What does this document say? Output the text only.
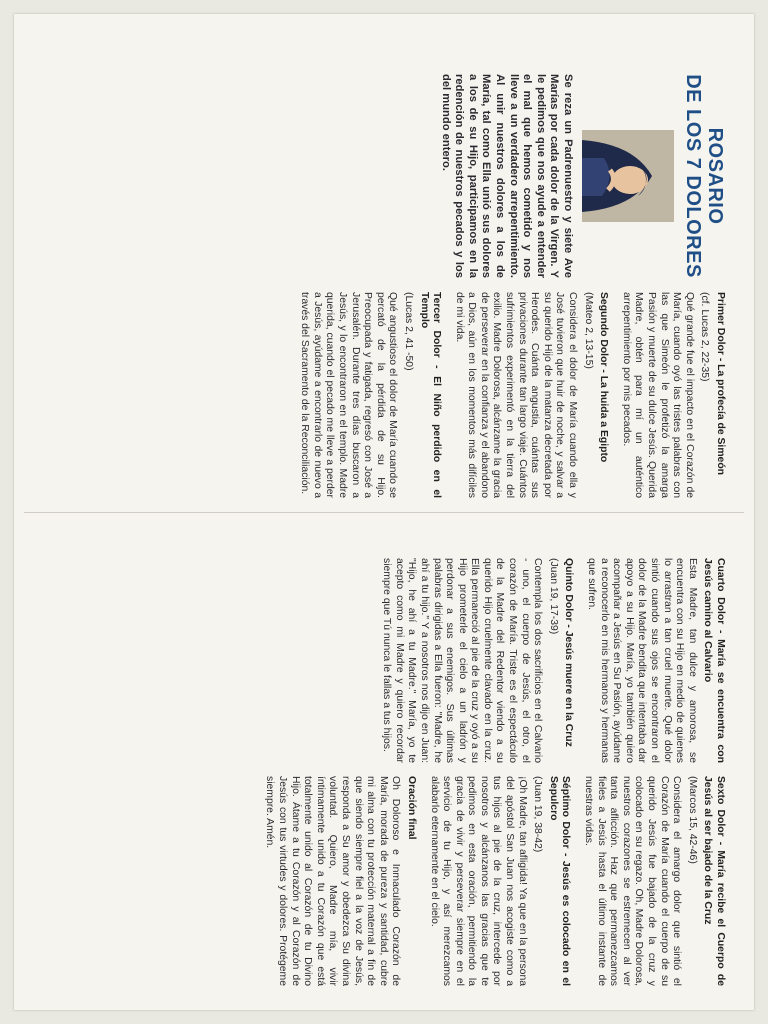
ROSARIO
DE LOS 7 DOLORES

Se reza un Padrenuestro y siete Ave Marías por cada dolor de la Virgen. Y le pedimos que nos ayude a entender el mal que hemos cometido y nos lleve a un verdadero arrepentimiento. Al unir nuestros dolores a los de María, tal como Ella unió sus dolores a los de su Hijo, participamos en la redención de nuestros pecados y los del mundo entero.

Primer Dolor - La profecía de Simeón

(cf. Lucas 2, 22-35)

Qué grande fue el impacto en el Corazón de María, cuando oyó las tristes palabras con las que Simeón le profetizó la amarga Pasión y muerte de su dulce Jesús. Querida Madre, obtén para mí un auténtico arrepentimiento por mis pecados.

Segundo Dolor - La huida a Egipto

(Mateo 2, 13-15)

Considera el dolor de María cuando ella y José tuvieron que huir de noche, y salvar a su querido Hijo de la matanza decretada por Herodes. Cuánta angustia, cuántas sus privaciones durante tan largo viaje. Cuántos sufrimientos experimentó en la tierra del exilio. Madre Dolorosa, alcánzame la gracia de perseverar en la confianza y el abandono a Dios, aún en los momentos más difíciles de mi vida.

Tercer Dolor - El Niño perdido en el Templo

(Lucas 2, 41 -50)

Qué angustioso el dolor de María cuando se percató de la pérdida de su Hijo. Preocupada y fatigada, regresó con José a Jerusalén. Durante tres días buscaron a Jesús, y lo encontraron en el templo. Madre querida, cuando el pecado me lleve a perder a Jesús, ayúdame a encontrarlo de nuevo a través del Sacramento de la Reconciliación.

Cuarto Dolor - María se encuentra con Jesús camino al Calvario

Esta Madre, tan dulce y amorosa, se encuentra con su Hijo en medio de quienes lo arrastran a tan cruel muerte. Qué dolor sintió cuando sus ojos se encontraron el dolor de la Madre bendita que intentaba dar apoyo a su Hijo. María, yo también quiero acompañar a Jesús en Su Pasión, ayúdame a reconocerlo en mis hermanos y hermanas que sufren.

Quinto Dolor - Jesús muere en la Cruz

(Juan 19, 17-39)

Contempla los dos sacrificios en el Calvario - uno, el cuerpo de Jesús, el otro, el corazón de María. Triste es el espectáculo de la Madre del Redentor viendo a su querido Hijo cruelmente clavado en la cruz. Ella permaneció al pie de la cruz y oyó a su Hijo prometerle el cielo a un ladrón y perdonar a sus enemigos. Sus últimas palabras dirigidas a Ella fueron: "Madre, he ahí a tu hijo." Y a nosotros nos dijo en Juan: "Hijo, he ahí a tu Madre." María, yo te acepto como mi Madre y quiero recordar siempre que Tú nunca le fallas a tus hijos.

Sexto Dolor - María recibe el Cuerpo de Jesús al ser bajado de la Cruz

(Marcos 15, 42-46)

Considera el amargo dolor que sintió el Corazón de María cuando el cuerpo de su querido Jesús fue bajado de la cruz y colocado en su regazo. Oh, Madre Dolorosa, nuestros corazones se estremecen al ver tanta aflicción. Haz que permanezcamos fieles a Jesús hasta el último instante de nuestras vidas.

Séptimo Dolor - Jesús es colocado en el Sepulcro

(Juan 19, 38-42)

¡Oh Madre, tan afligida! Ya que en la persona del apóstol San Juan nos acogiste como a tus hijos al pie de la cruz, intercede por nosotros y alcánzanos las gracias que te pedimos en esta oración, permitiendo la gracia de vivir y perseverar siempre en el servicio de tu Hijo, y así merezcamos alabarlo eternamente en el cielo.

Oración final

Oh Doloroso e Inmaculado Corazón de María, morada de pureza y santidad, cubre mi alma con tu protección maternal a fin de que siendo siempre fiel a la voz de Jesús, responda a Su amor y obedezca Su divina voluntad. Quiero, Madre mía, vivir íntimamente unido a tu Corazón que está totalmente unido al Corazón de tu Divino Hijo. Átame a tu Corazón y al Corazón de Jesús con tus virtudes y dolores. Protégeme siempre. Amén.
